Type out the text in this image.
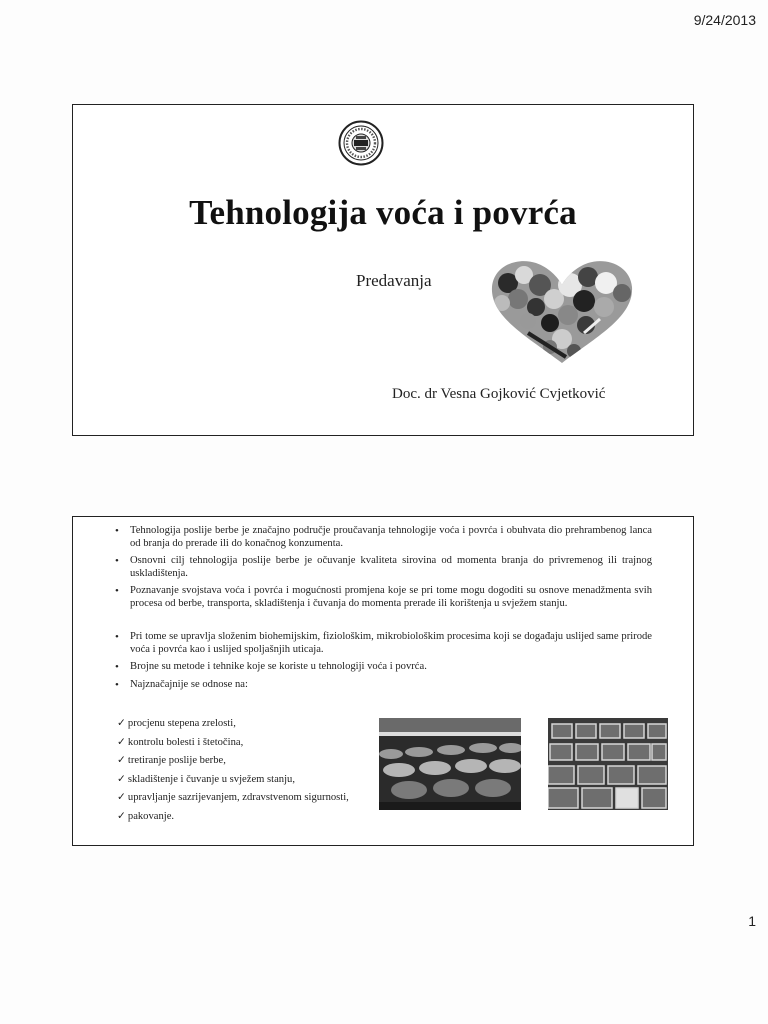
9/24/2013
Tehnologija voća i povrća
Predavanja
Doc. dr Vesna Gojković Cvjetković
• Tehnologija poslije berbe je značajno područje proučavanja tehnologije voća i povrća i obuhvata dio prehrambenog lanca od branja do prerade ili do konačnog konzumenta.
• Osnovni cilj tehnologija poslije berbe je očuvanje kvaliteta sirovina od momenta branja do privremenog ili trajnog uskladištenja.
• Poznavanje svojstava voća i povrća i mogućnosti promjena koje se pri tome mogu dogoditi su osnove menadžmenta svih procesa od berbe, transporta, skladištenja i čuvanja do momenta prerade ili korištenja u svježem stanju.
• Pri tome se upravlja složenim biohemijskim, fiziološkim, mikrobiološkim procesima koji se događaju uslijed same prirode voća i povrća kao i uslijed spoljašnjih uticaja.
• Brojne su metode i tehnike koje se koriste u tehnologiji voća i povrća.
• Najznačajnije se odnose na:
✓ procjenu stepena zrelosti,
✓ kontrolu bolesti i štetočina,
✓ tretiranje poslije berbe,
✓ skladištenje i čuvanje u svježem stanju,
✓ upravljanje sazrijevanjem, zdravstvenom sigurnosti,
✓ pakovanje.
1
